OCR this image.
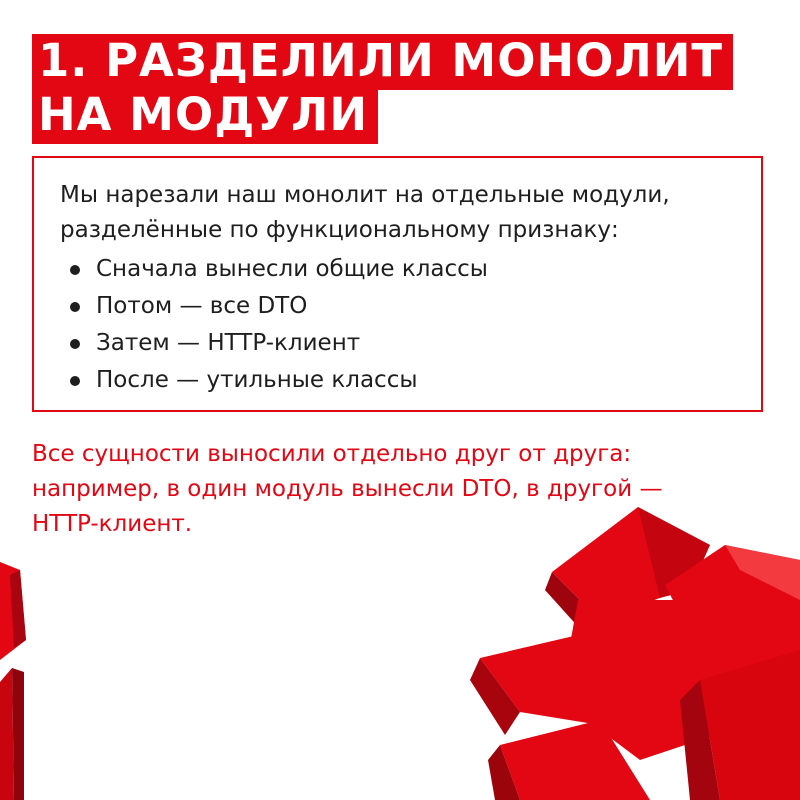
1. РАЗДЕЛИЛИ МОНОЛИТ
НА МОДУЛИ

Мы нарезали наш монолит на отдельные модули, разделённые по функциональному признаку:

Сначала вынесли общие классы
Потом — все DTO
Затем — HTTP-клиент
После — утильные классы

Все сущности выносили отдельно друг от друга: например, в один модуль вынесли DTO, в другой — HTTP-клиент.
